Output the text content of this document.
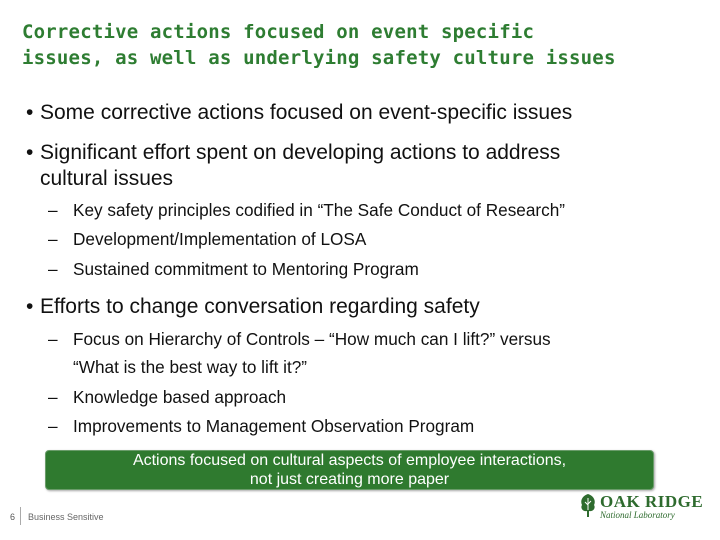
Corrective actions focused on event specific
issues, as well as underlying safety culture issues
• Some corrective actions focused on event-specific issues
• Significant effort spent on developing actions to address
cultural issues
– Key safety principles codified in “The Safe Conduct of Research”
– Development/Implementation of LOSA
– Sustained commitment to Mentoring Program
• Efforts to change conversation regarding safety
– Focus on Hierarchy of Controls – “How much can I lift?” versus
“What is the best way to lift it?”
– Knowledge based approach
– Improvements to Management Observation Program
Actions focused on cultural aspects of employee interactions,
not just creating more paper
6 Business Sensitive
OAK RIDGE
National Laboratory
